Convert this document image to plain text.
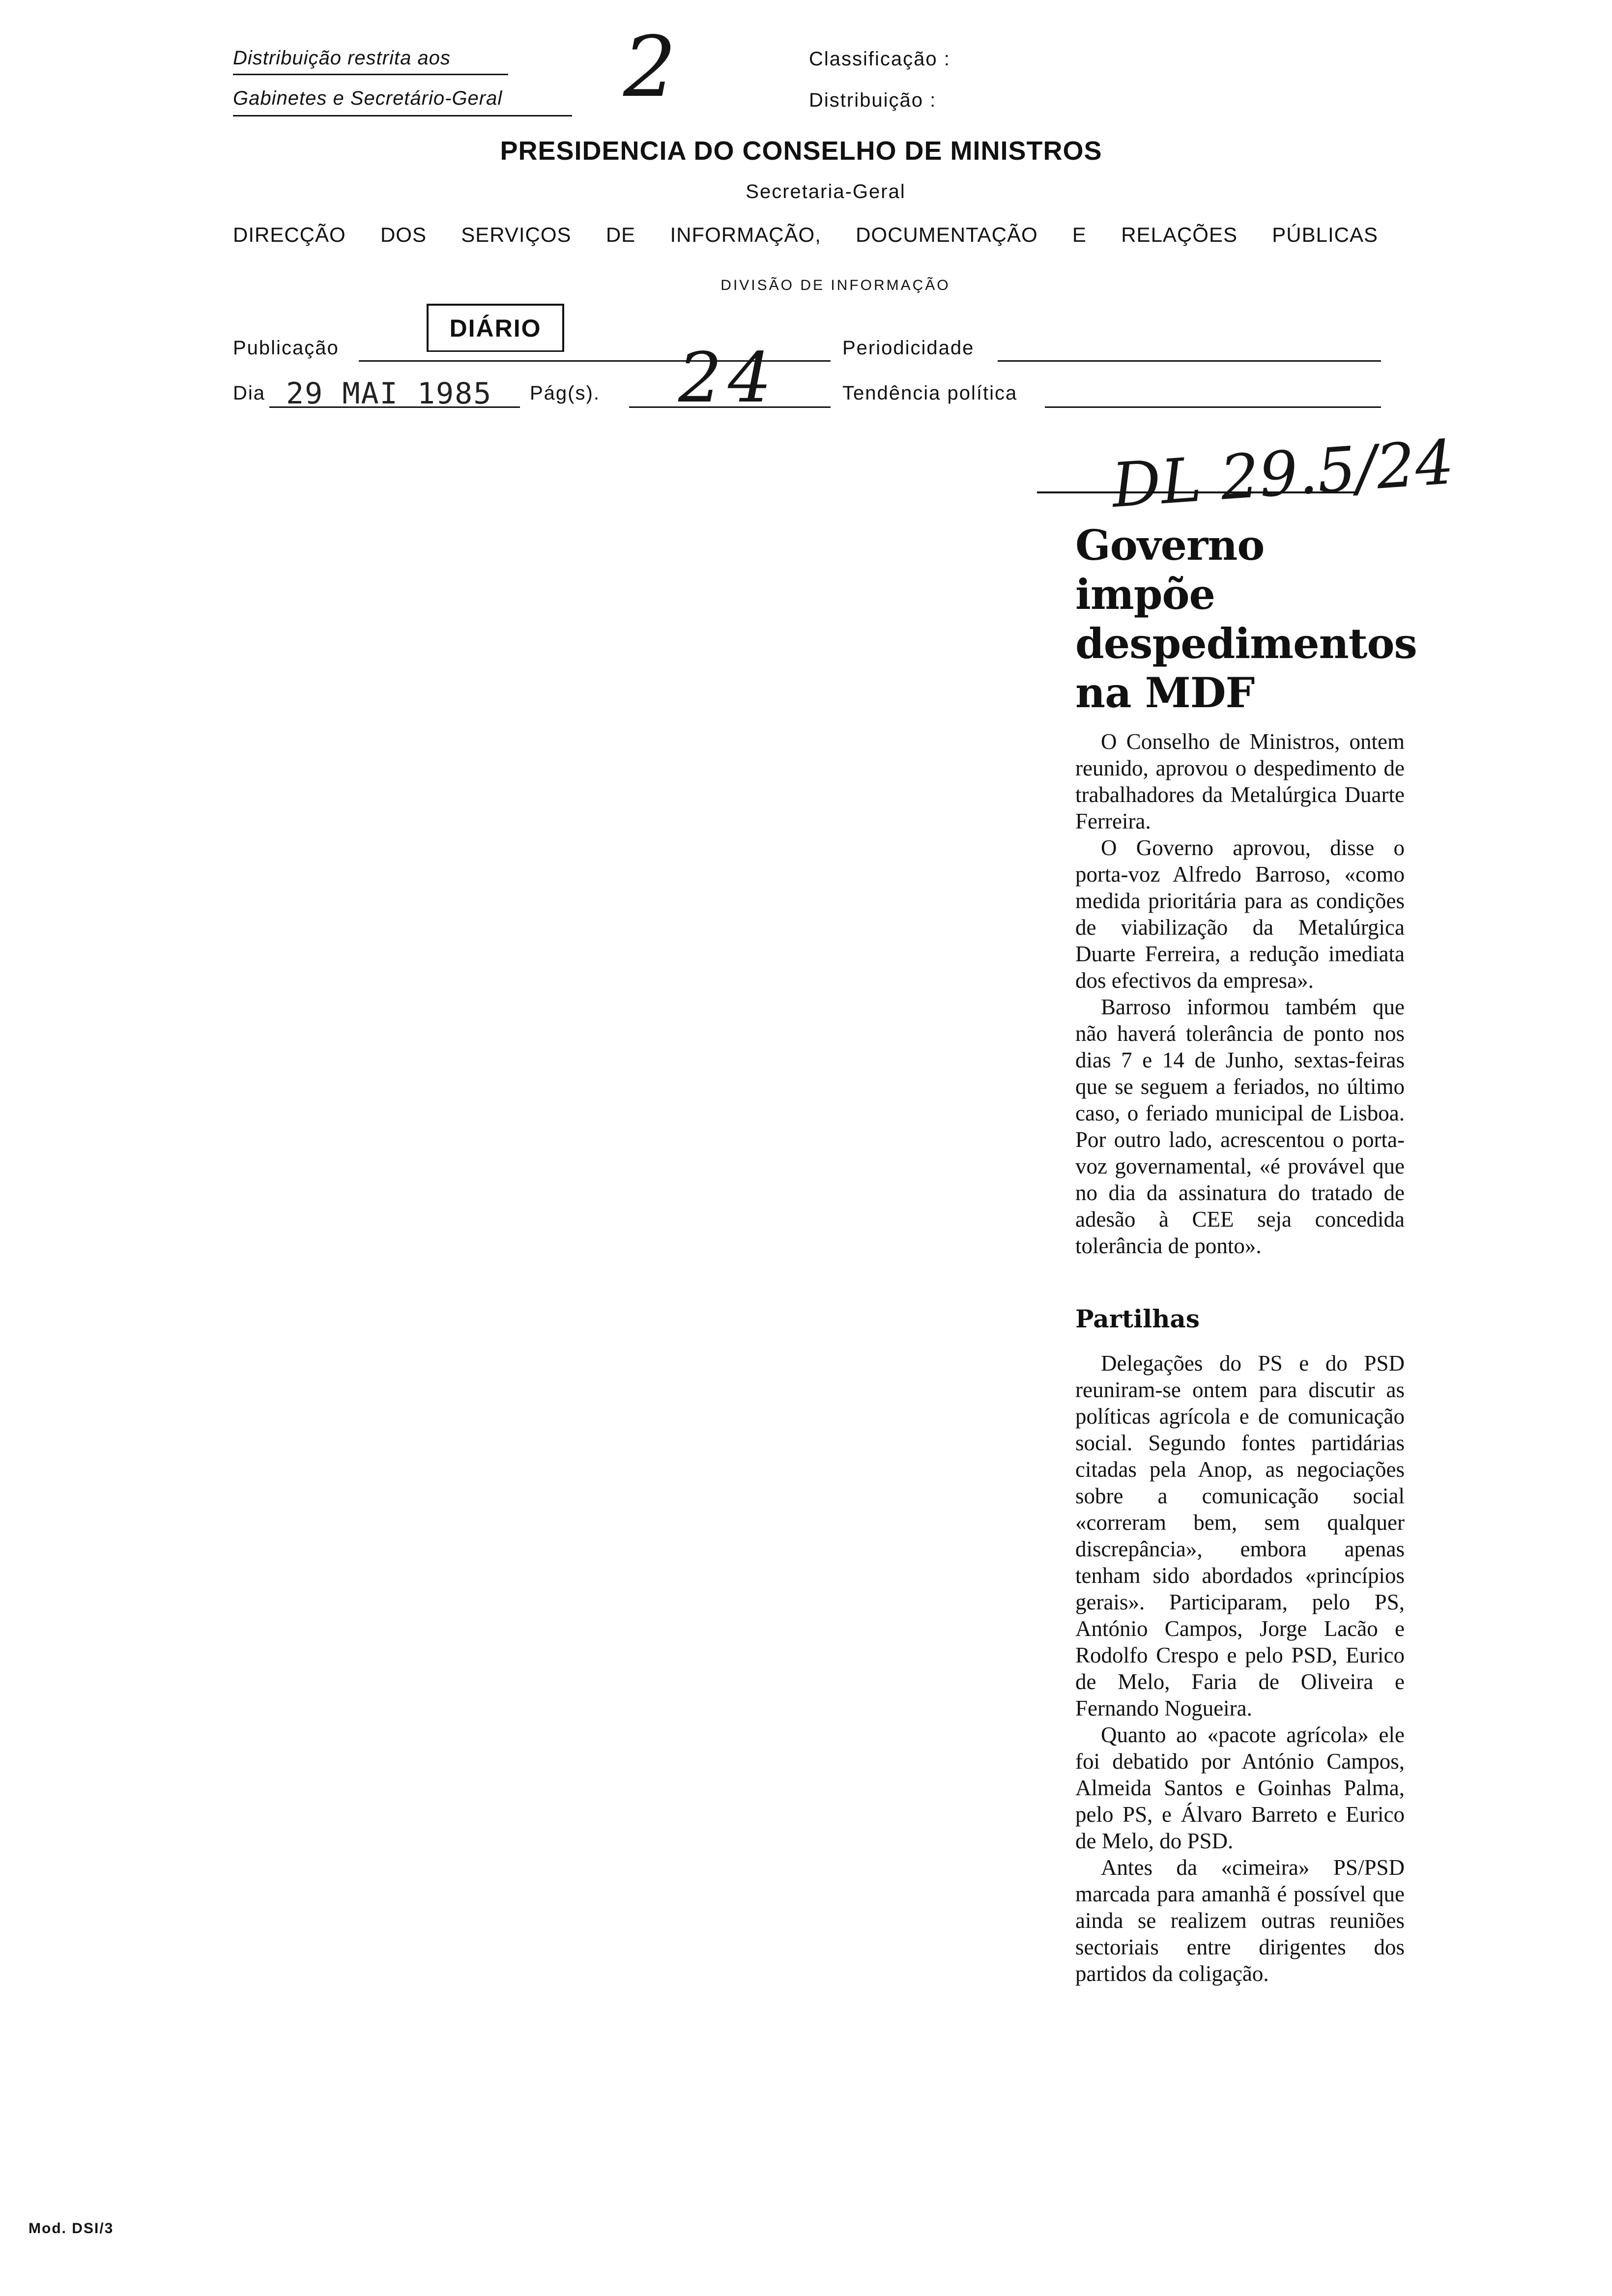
Distribuição restrita aos
Gabinetes e Secretário-Geral 2	Classificação :
Distribuição :
PRESIDENCIA DO CONSELHO DE MINISTROS
Secretaria-Geral
DIRECÇÃO DOS SERVIÇOS DE INFORMAÇÃO, DOCUMENTAÇÃO E RELAÇÕES PÚBLICAS
DIVISÃO DE INFORMAÇÃO
Publicação
DIÁRIO
Periodicidade
Dia 29 MAI 1985 Pág(s). 24	Tendência política
DL 29.5/24
Governo impõe
despedimentos
na MDF

O Conselho de Ministros, ontem reunido, aprovou o despedimento de trabalhadores da Metalúrgica Duarte Ferreira.

O Governo aprovou, disse o porta-voz Alfredo Barroso, «como medida prioritária para as condições de viabilização da Metalúrgica Duarte Ferreira, a redução imediata dos efectivos da empresa».

Barroso informou também que não haverá tolerância de ponto nos dias 7 e 14 de Junho, sextas-feiras que se seguem a feriados, no último caso, o feriado municipal de Lisboa. Por outro lado, acrescentou o porta-voz governamental, «é provável que no dia da assinatura do tratado de adesão à CEE seja concedida tolerância de ponto».

Partilhas

Delegações do PS e do PSD reuniram-se ontem para discutir as políticas agrícola e de comunicação social. Segundo fontes partidárias citadas pela Anop, as negociações sobre a comunicação social «correram bem, sem qualquer discrepância», embora apenas tenham sido abordados «princípios gerais». Participaram, pelo PS, António Campos, Jorge Lacão e Rodolfo Crespo e pelo PSD, Eurico de Melo, Faria de Oliveira e Fernando Nogueira.

Quanto ao «pacote agrícola» ele foi debatido por António Campos, Almeida Santos e Goinhas Palma, pelo PS, e Álvaro Barreto e Eurico de Melo, do PSD.

Antes da «cimeira» PS/PSD marcada para amanhã é possível que ainda se realizem outras reuniões sectoriais entre dirigentes dos partidos da coligação.

Mod. DSI/3
